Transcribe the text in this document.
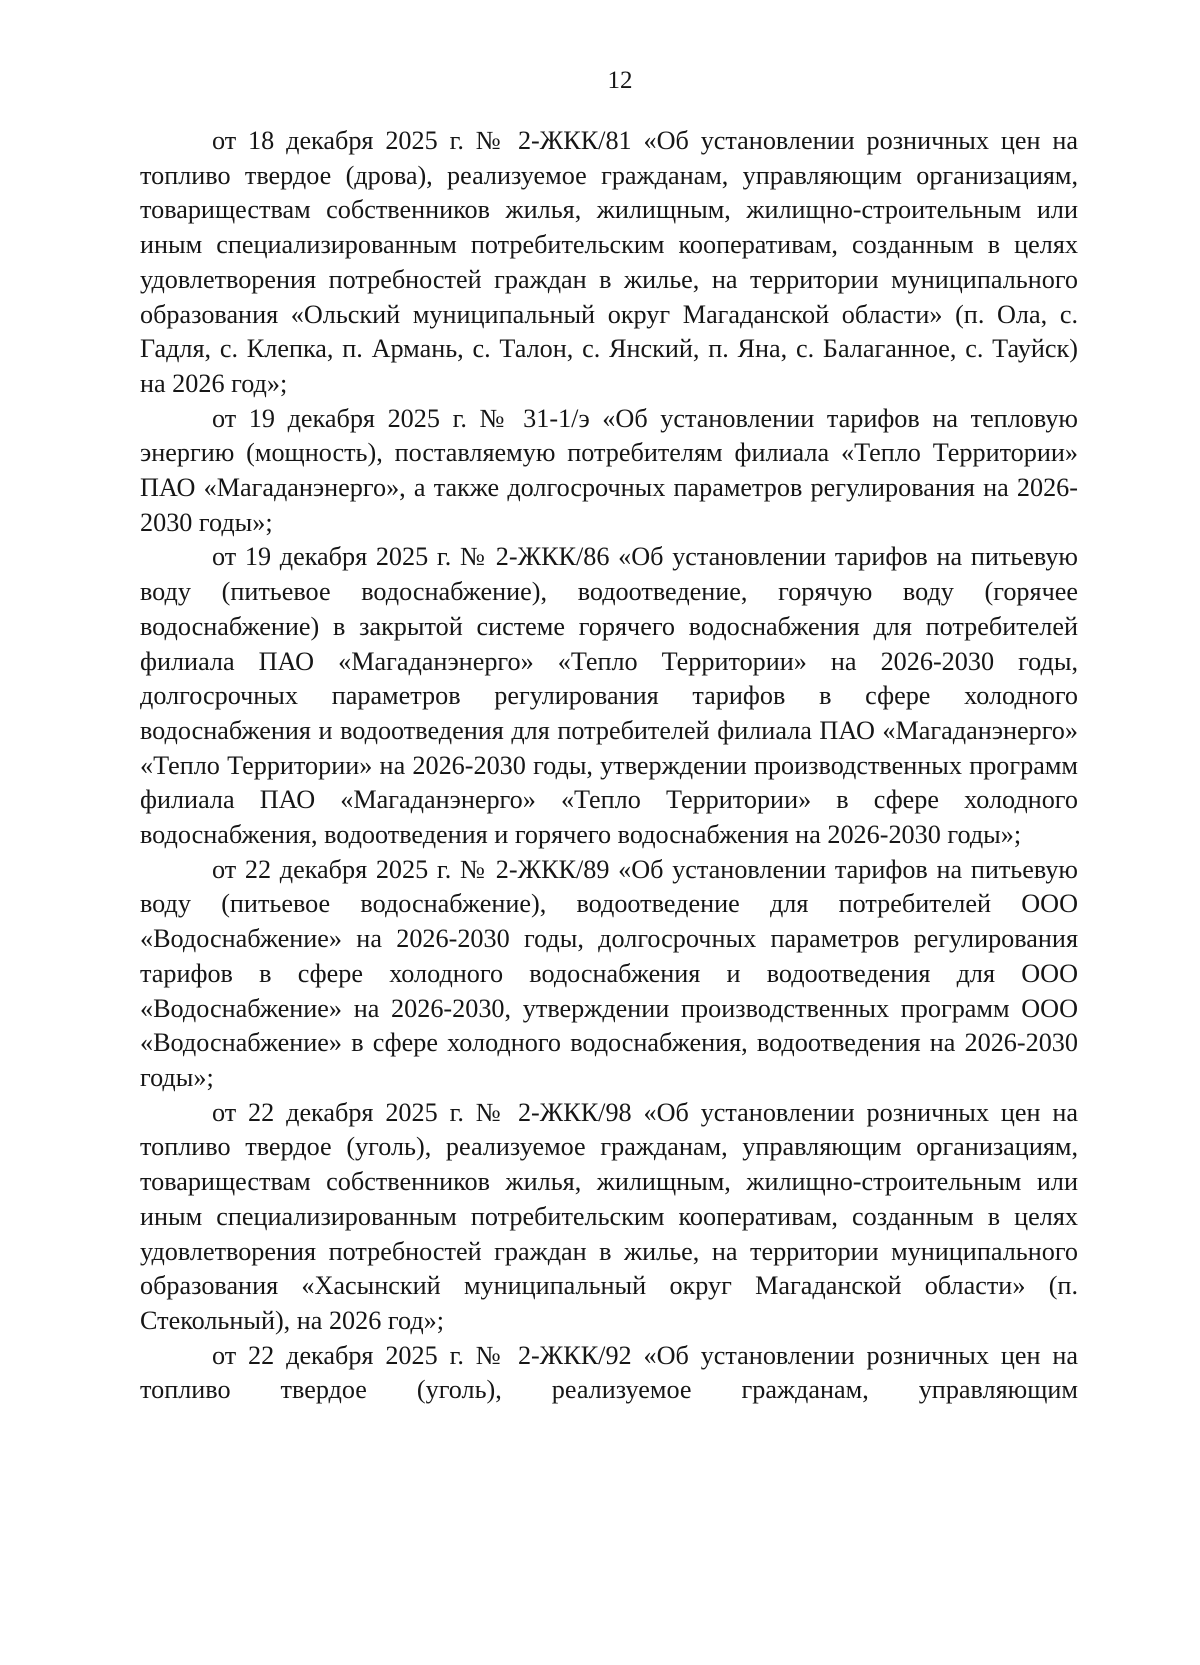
12

от 18 декабря 2025 г. № 2-ЖКК/81 «Об установлении розничных цен на топливо твердое (дрова), реализуемое гражданам, управляющим организациям, товариществам собственников жилья, жилищным, жилищно-строительным или иным специализированным потребительским кооперативам, созданным в целях удовлетворения потребностей граждан в жилье, на территории муниципального образования «Ольский муниципальный округ Магаданской области» (п. Ола, с. Гадля, с. Клепка, п. Армань, с. Талон, с. Янский, п. Яна, с. Балаганное, с. Тауйск) на 2026 год»;

от 19 декабря 2025 г. № 31-1/э «Об установлении тарифов на тепловую энергию (мощность), поставляемую потребителям филиала «Тепло Территории» ПАО «Магаданэнерго», а также долгосрочных параметров регулирования на 2026-2030 годы»;

от 19 декабря 2025 г. № 2-ЖКК/86 «Об установлении тарифов на питьевую воду (питьевое водоснабжение), водоотведение, горячую воду (горячее водоснабжение) в закрытой системе горячего водоснабжения для потребителей филиала ПАО «Магаданэнерго» «Тепло Территории» на 2026-2030 годы, долгосрочных параметров регулирования тарифов в сфере холодного водоснабжения и водоотведения для потребителей филиала ПАО «Магаданэнерго» «Тепло Территории» на 2026-2030 годы, утверждении производственных программ филиала ПАО «Магаданэнерго» «Тепло Территории» в сфере холодного водоснабжения, водоотведения и горячего водоснабжения на 2026-2030 годы»;

от 22 декабря 2025 г. № 2-ЖКК/89 «Об установлении тарифов на питьевую воду (питьевое водоснабжение), водоотведение для потребителей ООО «Водоснабжение» на 2026-2030 годы, долгосрочных параметров регулирования тарифов в сфере холодного водоснабжения и водоотведения для ООО «Водоснабжение» на 2026-2030, утверждении производственных программ ООО «Водоснабжение» в сфере холодного водоснабжения, водоотведения на 2026-2030 годы»;

от 22 декабря 2025 г. № 2-ЖКК/98 «Об установлении розничных цен на топливо твердое (уголь), реализуемое гражданам, управляющим организациям, товариществам собственников жилья, жилищным, жилищно-строительным или иным специализированным потребительским кооперативам, созданным в целях удовлетворения потребностей граждан в жилье, на территории муниципального образования «Хасынский муниципальный округ Магаданской области» (п. Стекольный), на 2026 год»;

от 22 декабря 2025 г. № 2-ЖКК/92 «Об установлении розничных цен на топливо твердое (уголь), реализуемое гражданам, управляющим
